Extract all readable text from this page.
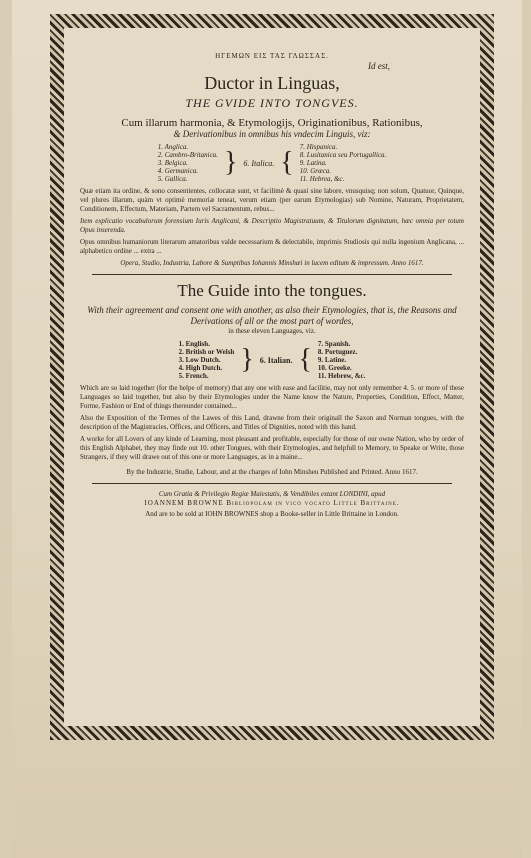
ΗΓΕΜΩΝ ΕΙΣ ΤΑΣ ΓΛΩΣΣΑΣ.
Id est,
Ductor in Linguas,
THE GVIDE INTO TONGVES.
Cum illarum harmonia, & Etymologijs, Originationibus, Rationibus,
& Derivationibus in omnibus his vndecim Linguis, viz:
1. Anglica.
2. Cambro-Britanica.
3. Belgica.
4. Germanica.
5. Gallica.
} 6. Italica. { 7. Hispanica.
8. Lusitanica seu Portugallica.
9. Latina.
10. Græca.
11. Hebrea, &c.
Quæ etiam ita ordine, & sono consentientes, collocatæ sunt, vt facilimè & quasi sine labore, vnusquisq; non solum, Quatuor, Quinque, vel plures illarum, quàm vt optimè memoriæ teneat, verum etiam (per earum Etymologias) sub Nomine, Naturam, Proprietatem, Conditionem, Effectum, Materiam, Partem vel Sacramentum, rebus...
Item explicatio vocabulorum forensium Iuris Anglicani, & Descriptio Magistratuum, & Titulorum dignitatum, hæc omnia per totum Opus inserenda.
Opus omnibus humaniorum literarum amatoribus valde necessarium & delectabile, imprimis Studiosis qui nulla ingenium Anglicana, ... alphabetico ordine ... extra ...
Opera, Studio, Industria, Labore & Sumptibus Iohannis Minshæi in lucem editum & impressum. Anno 1617.
The Guide into the tongues.
With their agreement and consent one with another, as also their Etymologies, that is, the Reasons and Derivations of all or the most part of wordes,
in these eleven Languages, viz.
1. English.
2. British or Welsh
3. Low Dutch.
4. High Dutch.
5. French.
} 6. Italian. { 7. Spanish.
8. Portuguez.
9. Latine.
10. Greeke.
11. Hebrew, &c.
Which are so laid together (for the helpe of memory) that any one with ease and facilitie, may not only remember 4. 5. or more of these Languages so laid together, but also by their Etymologies under the Name know the Nature, Properties, Condition, Effect, Matter, Forme, Fashion or End of things thereunder contained...
Also the Exposition of the Termes of the Lawes of this Land, drawne from their originall the Saxon and Norman tongues, with the description of the Magistracies, Offices, and Officers, and Titles of Dignities, noted with this hand.
A worke for all Lovers of any kinde of Learning, most pleasant and profitable, especially for those of our owne Nation, who by order of this English Alphabet, they may finde out 10. other Tongues, with their Etymologies, and helpfull to Memory, to Speake or Write, those Strangers, if they will drawe out of this one or more Languages, as in a maine...
By the Industrie, Studie, Labour, and at the charges of Iohn Minsheu Published and Printed. Anno 1617.
Cum Gratia & Privilegio Regiæ Maiestatis, & Vendibiles extant LONDINI, apud
IOANNEM BROWNE Bibliopolam in vico vocato Little Brittaine.
And are to be sold at IOHN BROWNES shop a Booke-seller in Little Brittaine in London.
